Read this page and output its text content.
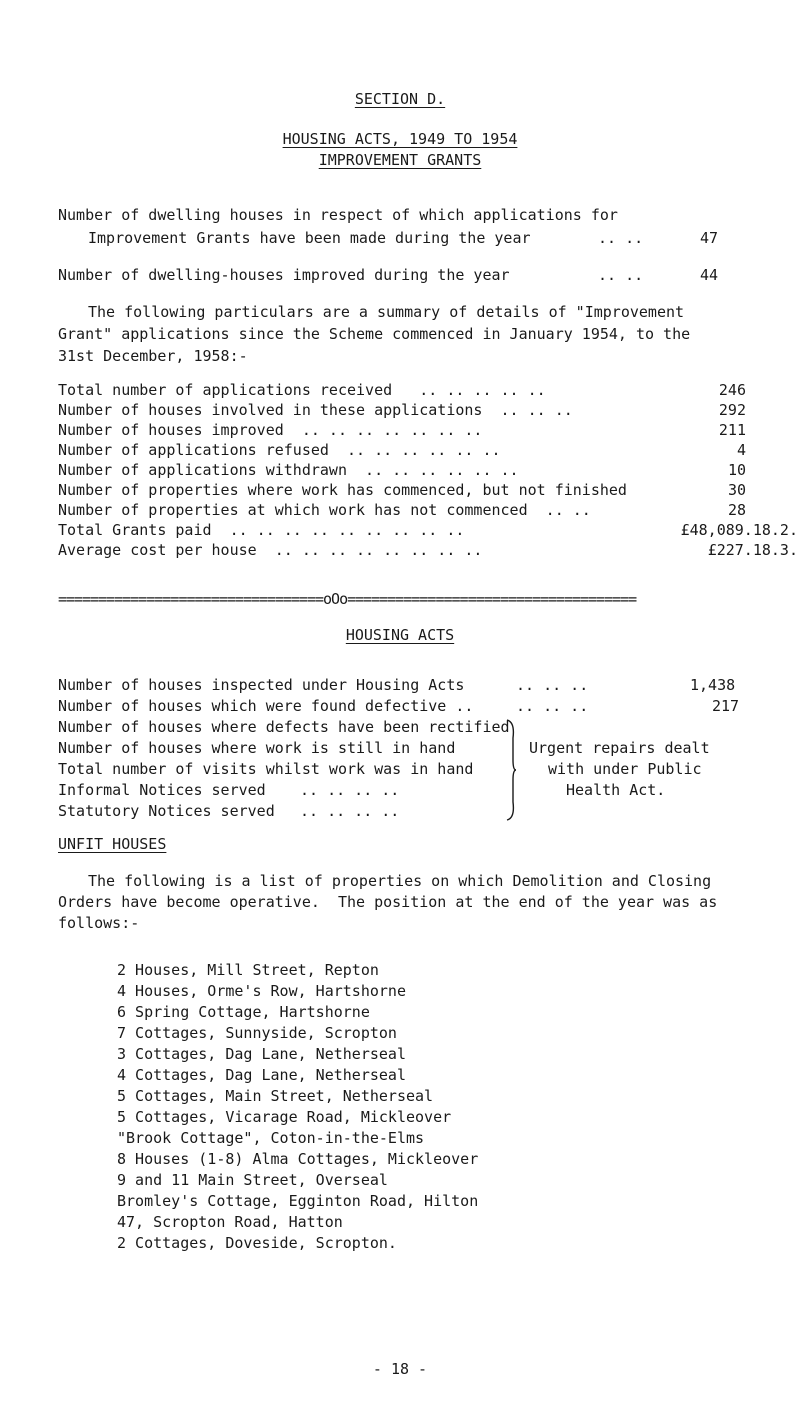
SECTION D.
HOUSING ACTS, 1949 TO 1954
IMPROVEMENT GRANTS
Number of dwelling houses in respect of which applications for
Improvement Grants have been made during the year	.. ..	47
Number of dwelling-houses improved during the year	.. ..	44
The following particulars are a summary of details of "Improvement
Grant" applications since the Scheme commenced in January 1954, to the
31st December, 1958:-
Total number of applications received   .. .. .. .. ..	246
Number of houses involved in these applications  .. .. ..	292
Number of houses improved  .. .. .. .. .. .. ..	211
Number of applications refused  .. .. .. .. .. ..	4
Number of applications withdrawn  .. .. .. .. .. ..	10
Number of properties where work has commenced, but not finished	30
Number of properties at which work has not commenced  .. ..	28
Total Grants paid  .. .. .. .. .. .. .. .. ..	£48,089.18.2.
Average cost per house  .. .. .. .. .. .. .. ..	£227.18.3.
=================================oOo====================================
HOUSING ACTS
Number of houses inspected under Housing Acts	.. .. ..	1,438
Number of houses which were found defective ..	.. .. ..	217
Number of houses where defects have been rectified
Number of houses where work is still in hand
Total number of visits whilst work was in hand
Informal Notices served .. .. .. ..
Statutory Notices served .. .. .. ..
Urgent repairs dealt
with under Public
Health Act.
UNFIT HOUSES
The following is a list of properties on which Demolition and Closing
Orders have become operative.  The position at the end of the year was as
follows:-
2 Houses, Mill Street, Repton
4 Houses, Orme's Row, Hartshorne
6 Spring Cottage, Hartshorne
7 Cottages, Sunnyside, Scropton
3 Cottages, Dag Lane, Netherseal
4 Cottages, Dag Lane, Netherseal
5 Cottages, Main Street, Netherseal
5 Cottages, Vicarage Road, Mickleover
"Brook Cottage", Coton-in-the-Elms
8 Houses (1-8) Alma Cottages, Mickleover
9 and 11 Main Street, Overseal
Bromley's Cottage, Egginton Road, Hilton
47, Scropton Road, Hatton
2 Cottages, Doveside, Scropton.
- 18 -
